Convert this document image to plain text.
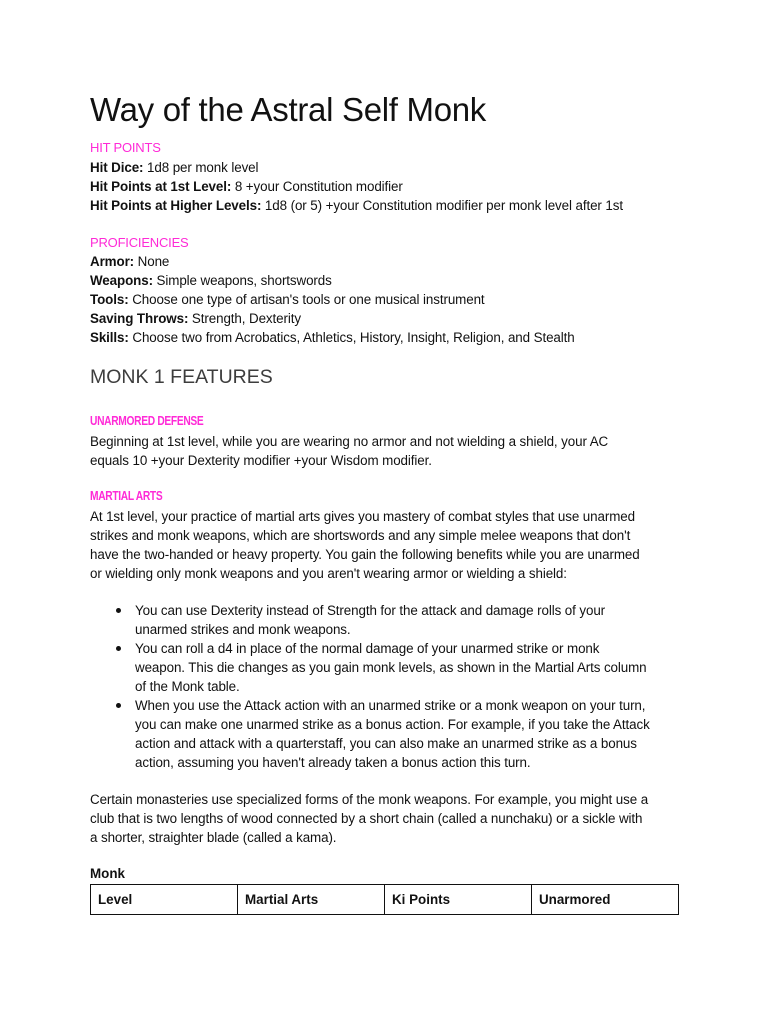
Way of the Astral Self Monk
HIT POINTS
Hit Dice: 1d8 per monk level
Hit Points at 1st Level: 8 +your Constitution modifier
Hit Points at Higher Levels: 1d8 (or 5) +your Constitution modifier per monk level after 1st
PROFICIENCIES
Armor: None
Weapons: Simple weapons, shortswords
Tools: Choose one type of artisan's tools or one musical instrument
Saving Throws: Strength, Dexterity
Skills: Choose two from Acrobatics, Athletics, History, Insight, Religion, and Stealth
MONK 1 FEATURES
UNARMORED DEFENSE
Beginning at 1st level, while you are wearing no armor and not wielding a shield, your AC
equals 10 +your Dexterity modifier +your Wisdom modifier.
MARTIAL ARTS
At 1st level, your practice of martial arts gives you mastery of combat styles that use unarmed
strikes and monk weapons, which are shortswords and any simple melee weapons that don't
have the two-handed or heavy property. You gain the following benefits while you are unarmed
or wielding only monk weapons and you aren't wearing armor or wielding a shield:
You can use Dexterity instead of Strength for the attack and damage rolls of your
unarmed strikes and monk weapons.
You can roll a d4 in place of the normal damage of your unarmed strike or monk
weapon. This die changes as you gain monk levels, as shown in the Martial Arts column
of the Monk table.
When you use the Attack action with an unarmed strike or a monk weapon on your turn,
you can make one unarmed strike as a bonus action. For example, if you take the Attack
action and attack with a quarterstaff, you can also make an unarmed strike as a bonus
action, assuming you haven't already taken a bonus action this turn.
Certain monasteries use specialized forms of the monk weapons. For example, you might use a
club that is two lengths of wood connected by a short chain (called a nunchaku) or a sickle with
a shorter, straighter blade (called a kama).
Monk
Level	Martial Arts	Ki Points	Unarmored
